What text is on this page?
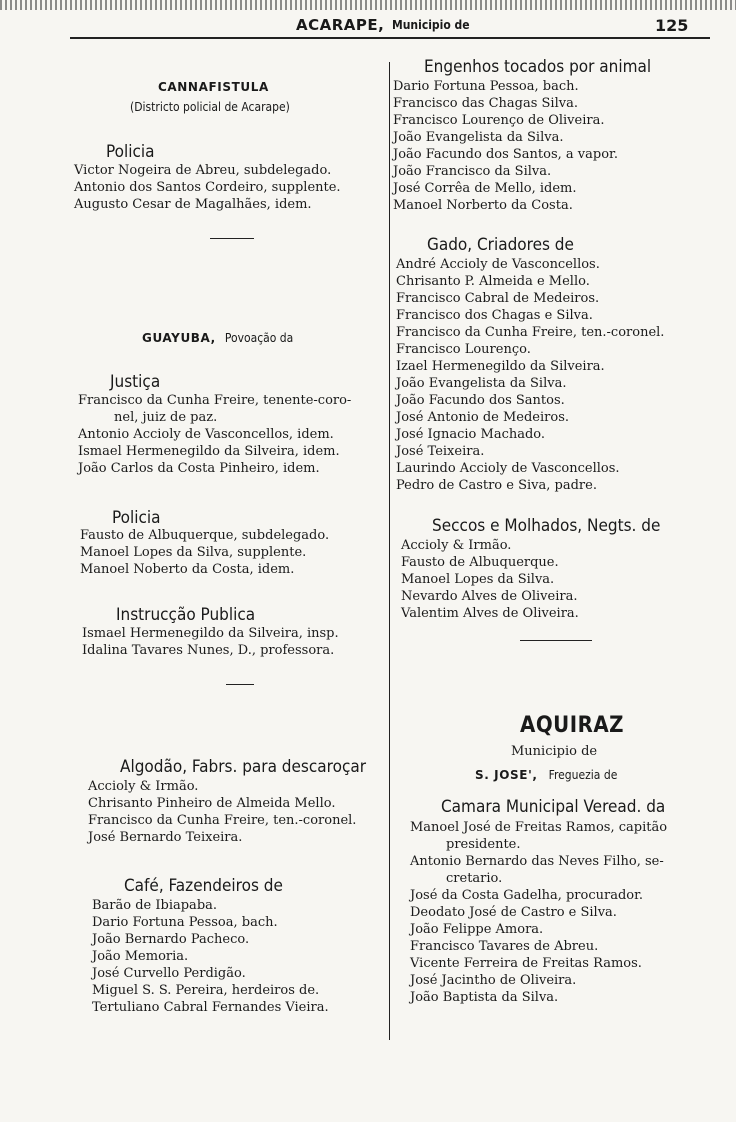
ACARAPE, Municipio de	125
CANNAFISTULA
(Districto policial de Acarape)
Policia
Victor Nogeira de Abreu, subdelegado.
Antonio dos Santos Cordeiro, supplente.
Augusto Cesar de Magalhães, idem.
GUAYUBA, Povoação da
Justiça
Francisco da Cunha Freire, tenente-coro-
nel, juiz de paz.
Antonio Accioly de Vasconcellos, idem.
Ismael Hermenegildo da Silveira, idem.
João Carlos da Costa Pinheiro, idem.
Policia
Fausto de Albuquerque, subdelegado.
Manoel Lopes da Silva, supplente.
Manoel Noberto da Costa, idem.
Instrucção Publica
Ismael Hermenegildo da Silveira, insp.
Idalina Tavares Nunes, D., professora.
Algodão, Fabrs. para descaroçar
Accioly & Irmão.
Chrisanto Pinheiro de Almeida Mello.
Francisco da Cunha Freire, ten.-coronel.
José Bernardo Teixeira.
Café, Fazendeiros de
Barão de Ibiapaba.
Dario Fortuna Pessoa, bach.
João Bernardo Pacheco.
João Memoria.
José Curvello Perdigão.
Miguel S. S. Pereira, herdeiros de.
Tertuliano Cabral Fernandes Vieira.
Engenhos tocados por animal
Dario Fortuna Pessoa, bach.
Francisco das Chagas Silva.
Francisco Lourenço de Oliveira.
João Evangelista da Silva.
João Facundo dos Santos, a vapor.
João Francisco da Silva.
José Corrêa de Mello, idem.
Manoel Norberto da Costa.
Gado, Criadores de
André Accioly de Vasconcellos.
Chrisanto P. Almeida e Mello.
Francisco Cabral de Medeiros.
Francisco dos Chagas e Silva.
Francisco da Cunha Freire, ten.-coronel.
Francisco Lourenço.
Izael Hermenegildo da Silveira.
João Evangelista da Silva.
João Facundo dos Santos.
José Antonio de Medeiros.
José Ignacio Machado.
José Teixeira.
Laurindo Accioly de Vasconcellos.
Pedro de Castro e Siva, padre.
Seccos e Molhados, Negts. de
Accioly & Irmão.
Fausto de Albuquerque.
Manoel Lopes da Silva.
Nevardo Alves de Oliveira.
Valentim Alves de Oliveira.
AQUIRAZ
Municipio de
S. JOSE', Freguezia de
Camara Municipal Veread. da
Manoel José de Freitas Ramos, capitão
presidente.
Antonio Bernardo das Neves Filho, se-
cretario.
José da Costa Gadelha, procurador.
Deodato José de Castro e Silva.
João Felippe Amora.
Francisco Tavares de Abreu.
Vicente Ferreira de Freitas Ramos.
José Jacintho de Oliveira.
João Baptista da Silva.
